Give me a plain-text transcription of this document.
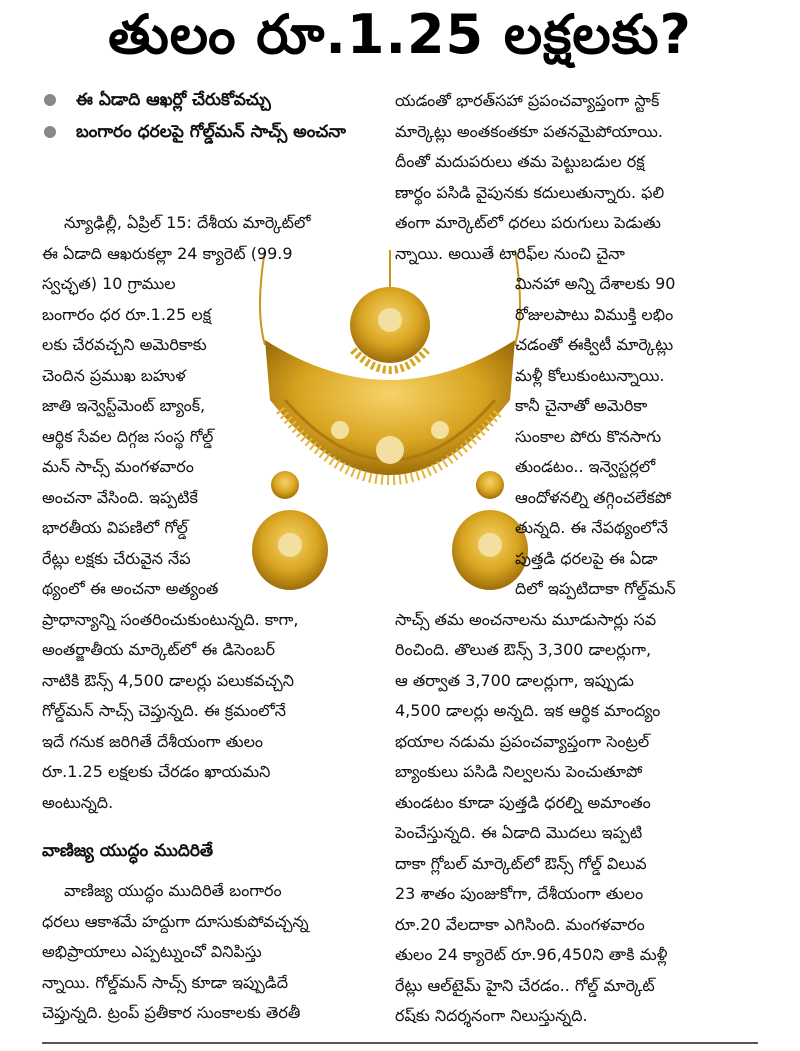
తులం రూ.1.25 లక్షలకు?
ఈ ఏడాది ఆఖర్లో చేరుకోవచ్చు
బంగారం ధరలపై గోల్డ్‌మన్ సాచ్స్ అంచనా
న్యూఢిల్లీ, ఏప్రిల్ 15: దేశీయ మార్కెట్‌లో
ఈ ఏడాది ఆఖరుకల్లా 24 క్యారెట్ (99.9
స్వచ్ఛత) 10 గ్రాముల
బంగారం ధర రూ.1.25 లక్ష
లకు చేరవచ్చని అమెరికాకు
చెందిన ప్రముఖ బహుళ
జాతి ఇన్వెస్ట్‌మెంట్ బ్యాంక్,
ఆర్థిక సేవల దిగ్గజ సంస్థ గోల్డ్
మన్ సాచ్స్ మంగళవారం
అంచనా వేసింది. ఇప్పటికే
భారతీయ విపణిలో గోల్డ్
రేట్లు లక్షకు చేరువైన నేప
థ్యంలో ఈ అంచనా అత్యంత
ప్రాధాన్యాన్ని సంతరించుకుంటున్నది. కాగా,
అంతర్జాతీయ మార్కెట్‌లో ఈ డిసెంబర్
నాటికి ఔన్స్ 4,500 డాలర్లు పలుకవచ్చని
గోల్డ్‌మన్ సాచ్స్ చెప్తున్నది. ఈ క్రమంలోనే
ఇదే గనుక జరిగితే దేశీయంగా తులం
రూ.1.25 లక్షలకు చేరడం ఖాయమని
అంటున్నది.
వాణిజ్య యుద్ధం ముదిరితే
వాణిజ్య యుద్ధం ముదిరితే బంగారం
ధరలు ఆకాశమే హద్దుగా దూసుకుపోవచ్చన్న
అభిప్రాయాలు ఎప్పట్నుంచో వినిపిస్తు
న్నాయి. గోల్డ్‌మన్ సాచ్స్ కూడా ఇప్పుడిదే
చెప్తున్నది. ట్రంప్ ప్రతీకార సుంకాలకు తెరతీ
యడంతో భారత్‌సహా ప్రపంచవ్యాప్తంగా స్టాక్
మార్కెట్లు అంతకంతకూ పతనమైపోయాయి.
దీంతో మదుపరులు తమ పెట్టుబడుల రక్ష
ణార్థం పసిడి వైపునకు కదులుతున్నారు. ఫలి
తంగా మార్కెట్‌లో ధరలు పరుగులు పెడుతు
న్నాయి. అయితే టారిఫ్‌ల నుంచి చైనా
మినహా అన్ని దేశాలకు 90
రోజులపాటు విముక్తి లభిం
చడంతో ఈక్విటీ మార్కెట్లు
మళ్లీ కోలుకుంటున్నాయి.
కానీ చైనాతో అమెరికా
సుంకాల పోరు కొనసాగు
తుండటం.. ఇన్వెస్టర్లలో
ఆందోళనల్ని తగ్గించలేకపో
తున్నది. ఈ నేపథ్యంలోనే
పుత్తడి ధరలపై ఈ ఏడా
దిలో ఇప్పటిదాకా గోల్డ్‌మన్
సాచ్స్ తమ అంచనాలను మూడుసార్లు సవ
రించింది. తొలుత ఔన్స్ 3,300 డాలర్లుగా,
ఆ తర్వాత 3,700 డాలర్లుగా, ఇప్పుడు
4,500 డాలర్లు అన్నది. ఇక ఆర్థిక మాంద్యం
భయాల నడుమ ప్రపంచవ్యాప్తంగా సెంట్రల్
బ్యాంకులు పసిడి నిల్వలను పెంచుతూపో
తుండటం కూడా పుత్తడి ధరల్ని అమాంతం
పెంచేస్తున్నది. ఈ ఏడాది మొదలు ఇప్పటి
దాకా గ్లోబల్ మార్కెట్‌లో ఔన్స్ గోల్డ్ విలువ
23 శాతం పుంజుకోగా, దేశీయంగా తులం
రూ.20 వేలదాకా ఎగిసింది. మంగళవారం
తులం 24 క్యారెట్ రూ.96,450ని తాకి మళ్లీ
రేట్లు ఆల్‌టైమ్ హైని చేరడం.. గోల్డ్ మార్కెట్
రష్‌కు నిదర్శనంగా నిలుస్తున్నది.
